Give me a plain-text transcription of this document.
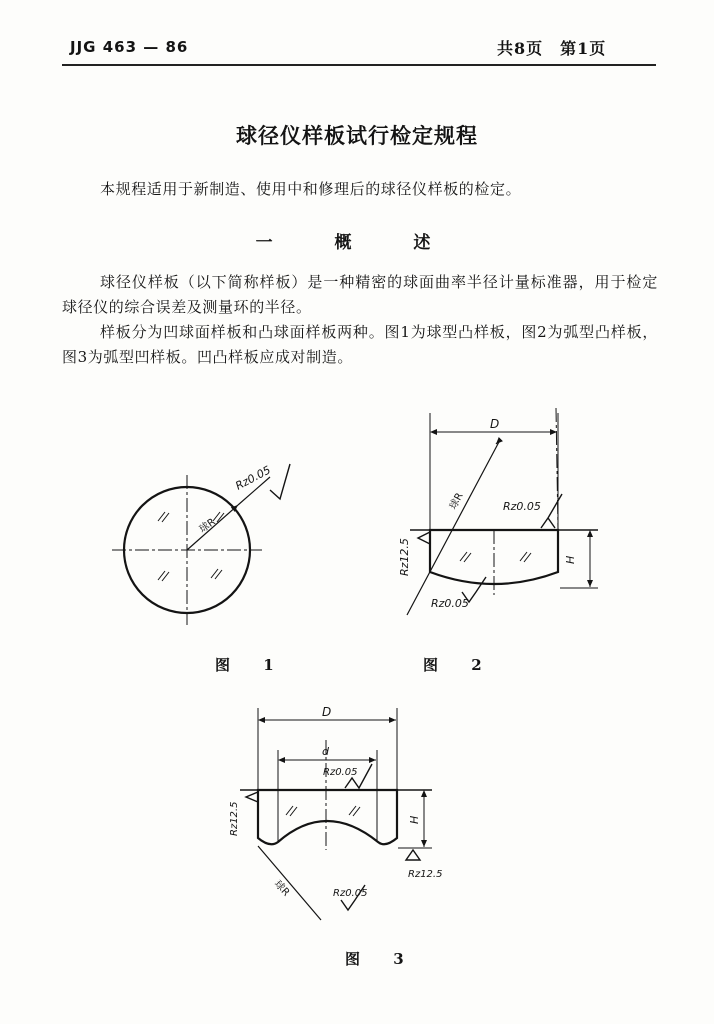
JJG 463 — 86	共8页　第1页
球径仪样板试行检定规程
本规程适用于新制造、使用中和修理后的球径仪样板的检定。
一 概 述
球径仪样板（以下简称样板）是一种精密的球面曲率半径计量标准器，用于检定球径仪的综合误差及测量环的半径。
样板分为凹球面样板和凸球面样板两种。图1为球型凸样板，图2为弧型凸样板，图3为弧型凹样板。凹凸样板应成对制造。
球R
Rz0.05
D
球R	Rz0.05
Rz12.5
Rz0.05
H
D
d
Rz0.05
Rz12.5	H
Rz12.5
球R	Rz0.05
图 1	图 2
图 3
